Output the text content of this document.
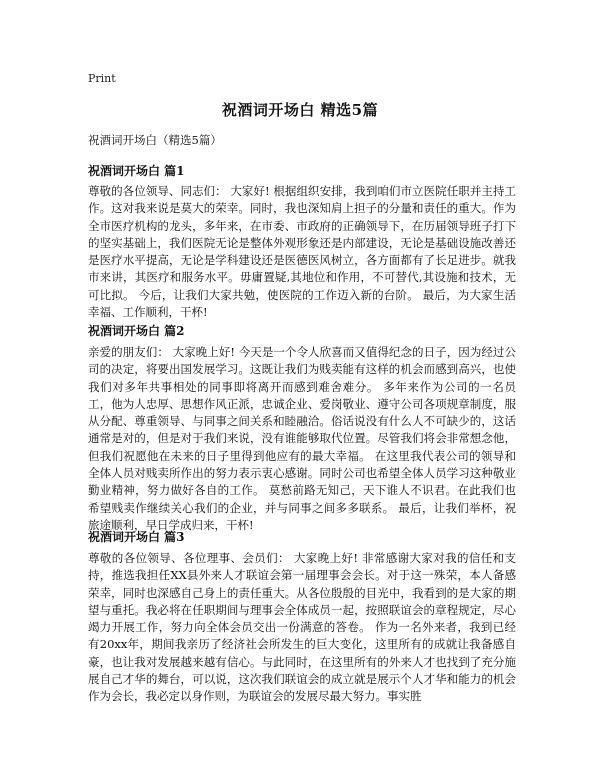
Print
祝酒词开场白 精选5篇
祝酒词开场白（精选5篇）
祝酒词开场白 篇1

尊敬的各位领导、同志们： 大家好! 根据组织安排，我到咱们市立医院任职并主持工作。这对我来说是莫大的荣幸。同时，我也深知肩上担子的分量和责任的重大。作为全市医疗机构的龙头，多年来，在市委、市政府的正确领导下，在历届领导班子打下的坚实基础上，我们医院无论是整体外观形象还是内部建设，无论是基础设施改善还是医疗水平提高，无论是学科建设还是医德医风树立，各方面都有了长足进步。就我市来讲，其医疗和服务水平。毋庸置疑,其地位和作用，不可替代,其设施和技术，无可比拟。 今后，让我们大家共勉，使医院的工作迈入新的台阶。 最后，为大家生活幸福、工作顺利，干杯!

祝酒词开场白 篇2

亲爱的朋友们： 大家晚上好! 今天是一个令人欣喜而又值得纪念的日子，因为经过公司的决定，将要出国发展学习。这既让我们为贱卖能有这样的机会而感到高兴，也使我们对多年共事相处的同事即将离开而感到难舍难分。 多年来作为公司的一名员工，他为人忠厚、思想作风正派，忠诚企业、爱岗敬业、遵守公司各项规章制度，服从分配、尊重领导、与同事之间关系和睦融洽。俗话说没有什么人不可缺少的，这话通常是对的，但是对于我们来说，没有谁能够取代位置。尽管我们将会非常想念他，但我们祝愿他在未来的日子里得到他应有的最大幸福。 在这里我代表公司的领导和全体人员对贱卖所作出的努力表示衷心感谢。同时公司也希望全体人员学习这种敬业勤业精神，努力做好各自的工作。 莫愁前路无知己，天下谁人不识君。在此我们也希望贱卖作继续关心我们的企业，并与同事之间多多联系。 最后，让我们举杯，祝旅途顺利，早日学成归来，干杯!

祝酒词开场白 篇3

尊敬的各位领导、各位理事、会员们： 大家晚上好! 非常感谢大家对我的信任和支持，推选我担任XX县外来人才联谊会第一届理事会会长。对于这一殊荣，本人备感荣幸，同时也深感自己身上的责任重大。从各位殷殷的目光中，我看到的是大家的期望与重托。我必将在任职期间与理事会全体成员一起，按照联谊会的章程规定，尽心竭力开展工作，努力向全体会员交出一份满意的答卷。 作为一名外来者，我到已经有20xx年，期间我亲历了经济社会所发生的巨大变化，这里所有的成就让我备感自豪，也让我对发展越来越有信心。与此同时，在这里所有的外来人才也找到了充分施展自己才华的舞台，可以说，这次我们联谊会的成立就是展示个人才华和能力的机会 作为会长，我必定以身作则，为联谊会的发展尽最大努力。事实胜
